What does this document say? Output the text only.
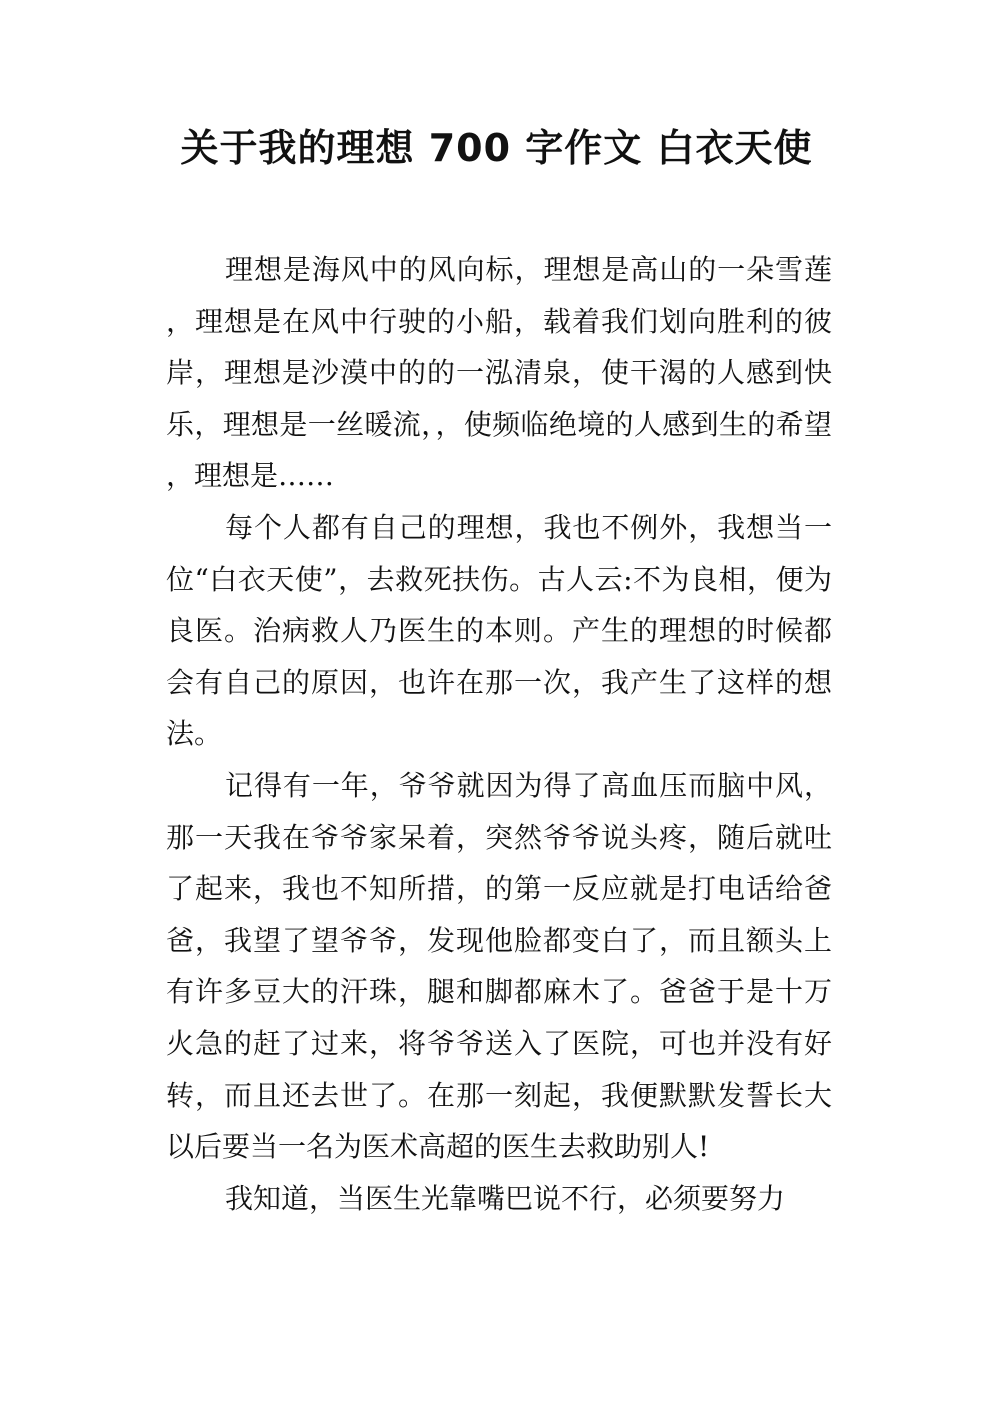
关于我的理想 700 字作文 白衣天使

理想是海风中的风向标，理想是高山的一朵雪莲，理想是在风中行驶的小船，载着我们划向胜利的彼岸，理想是沙漠中的的一泓清泉，使干渴的人感到快乐，理想是一丝暖流，，使频临绝境的人感到生的希望，理想是……

每个人都有自己的理想，我也不例外，我想当一位“白衣天使”，去救死扶伤。古人云:不为良相，便为良医。治病救人乃医生的本则。产生的理想的时候都会有自己的原因，也许在那一次，我产生了这样的想法。

记得有一年，爷爷就因为得了高血压而脑中风，那一天我在爷爷家呆着，突然爷爷说头疼，随后就吐了起来，我也不知所措，的第一反应就是打电话给爸爸，我望了望爷爷，发现他脸都变白了，而且额头上有许多豆大的汗珠，腿和脚都麻木了。爸爸于是十万火急的赶了过来，将爷爷送入了医院，可也并没有好转，而且还去世了。在那一刻起，我便默默发誓长大以后要当一名为医术高超的医生去救助别人!

我知道，当医生光靠嘴巴说不行，必须要努力
